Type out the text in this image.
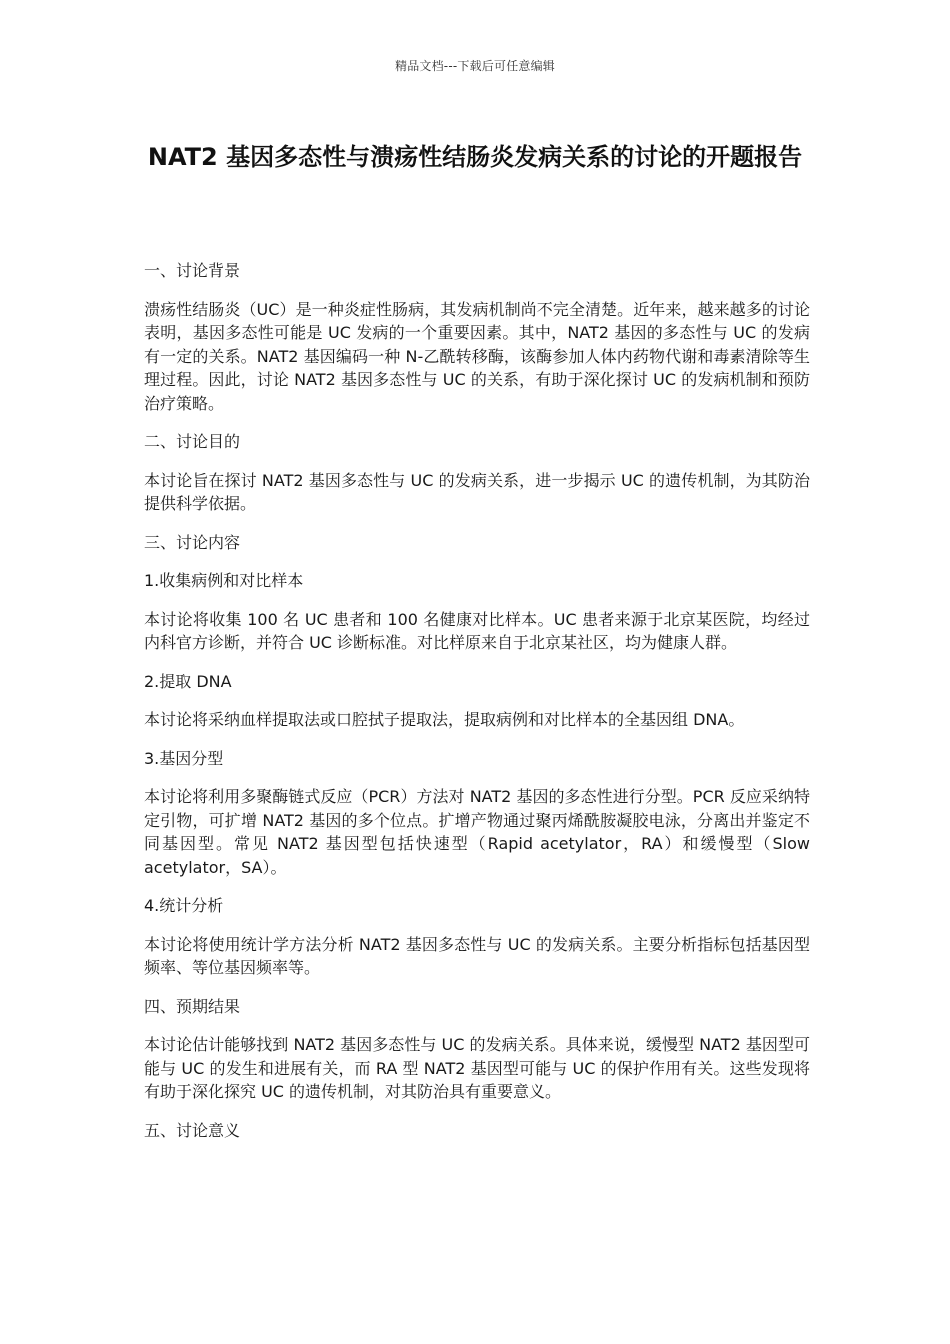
精品文档---下载后可任意编辑
NAT2 基因多态性与溃疡性结肠炎发病关系的讨论的开题报告

一、讨论背景

溃疡性结肠炎（UC）是一种炎症性肠病，其发病机制尚不完全清楚。近年来，越来越多的讨论表明，基因多态性可能是 UC 发病的一个重要因素。其中，NAT2 基因的多态性与 UC 的发病有一定的关系。NAT2 基因编码一种 N-乙酰转移酶，该酶参加人体内药物代谢和毒素清除等生理过程。因此，讨论 NAT2 基因多态性与 UC 的关系，有助于深化探讨 UC 的发病机制和预防治疗策略。

二、讨论目的

本讨论旨在探讨 NAT2 基因多态性与 UC 的发病关系，进一步揭示 UC 的遗传机制，为其防治提供科学依据。

三、讨论内容

1.收集病例和对比样本

本讨论将收集 100 名 UC 患者和 100 名健康对比样本。UC 患者来源于北京某医院，均经过内科官方诊断，并符合 UC 诊断标准。对比样原来自于北京某社区，均为健康人群。

2.提取 DNA

本讨论将采纳血样提取法或口腔拭子提取法，提取病例和对比样本的全基因组 DNA。

3.基因分型

本讨论将利用多聚酶链式反应（PCR）方法对 NAT2 基因的多态性进行分型。PCR 反应采纳特定引物，可扩增 NAT2 基因的多个位点。扩增产物通过聚丙烯酰胺凝胶电泳，分离出并鉴定不同基因型。常见 NAT2 基因型包括快速型（Rapid acetylator，RA）和缓慢型（Slow acetylator，SA）。

4.统计分析

本讨论将使用统计学方法分析 NAT2 基因多态性与 UC 的发病关系。主要分析指标包括基因型频率、等位基因频率等。

四、预期结果

本讨论估计能够找到 NAT2 基因多态性与 UC 的发病关系。具体来说，缓慢型 NAT2 基因型可能与 UC 的发生和进展有关，而 RA 型 NAT2 基因型可能与 UC 的保护作用有关。这些发现将有助于深化探究 UC 的遗传机制，对其防治具有重要意义。

五、讨论意义
